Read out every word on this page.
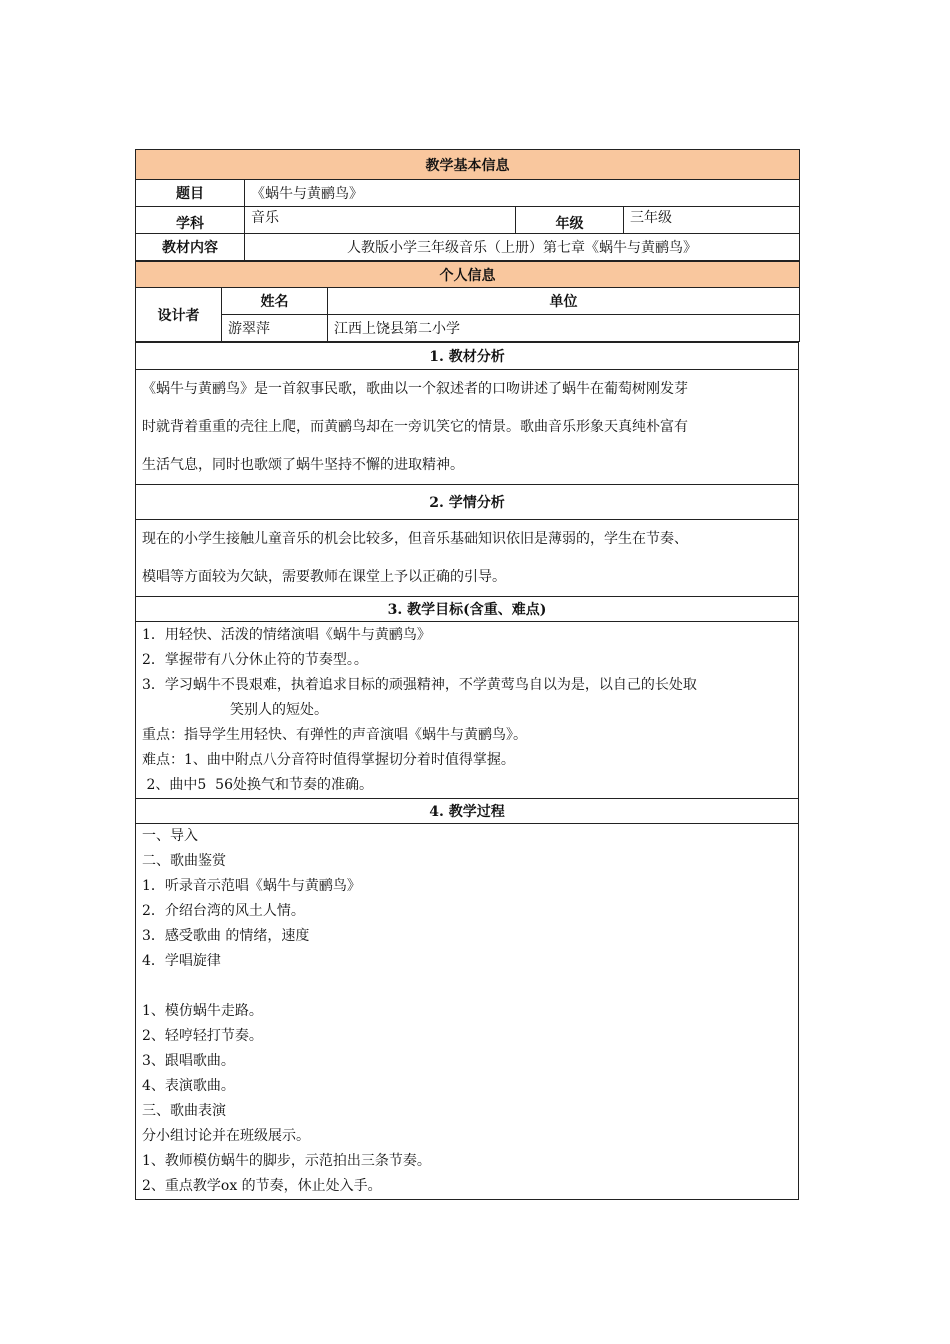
教学基本信息			
题目	《蜗牛与黄鹂鸟》		
学科	音乐	年级	三年级
教材内容	人教版小学三年级音乐（上册）第七章《蜗牛与黄鹂鸟》		
个人信息		
设计者	姓名	单位
	游翠萍	江西上饶县第二小学
1. 教材分析

《蜗牛与黄鹂鸟》是一首叙事民歌，歌曲以一个叙述者的口吻讲述了蜗牛在葡萄树刚发芽
时就背着重重的壳往上爬，而黄鹂鸟却在一旁讥笑它的情景。歌曲音乐形象天真纯朴富有
生活气息，同时也歌颂了蜗牛坚持不懈的进取精神。

2. 学情分析

现在的小学生接触儿童音乐的机会比较多，但音乐基础知识依旧是薄弱的，学生在节奏、
模唱等方面较为欠缺，需要教师在课堂上予以正确的引导。

3. 教学目标(含重、难点)

1．用轻快、活泼的情绪演唱《蜗牛与黄鹂鸟》
2．掌握带有八分休止符的节奏型。。
3．学习蜗牛不畏艰难，执着追求目标的顽强精神，不学黄莺鸟自以为是，以自己的长处取
笑别人的短处。
重点：指导学生用轻快、有弹性的声音演唱《蜗牛与黄鹂鸟》。
难点：1、曲中附点八分音符时值得掌握切分着时值得掌握。
2、曲中5  56处换气和节奏的准确。

4. 教学过程

一、导入
二、歌曲鉴赏
1．听录音示范唱《蜗牛与黄鹂鸟》
2．介绍台湾的风土人情。
3．感受歌曲 的情绪，速度
4．学唱旋律
1、模仿蜗牛走路。
2、轻哼轻打节奏。
3、跟唱歌曲。
4、表演歌曲。
三、歌曲表演
分小组讨论并在班级展示。
1、教师模仿蜗牛的脚步，示范拍出三条节奏。
2、重点教学ox 的节奏，休止处入手。
